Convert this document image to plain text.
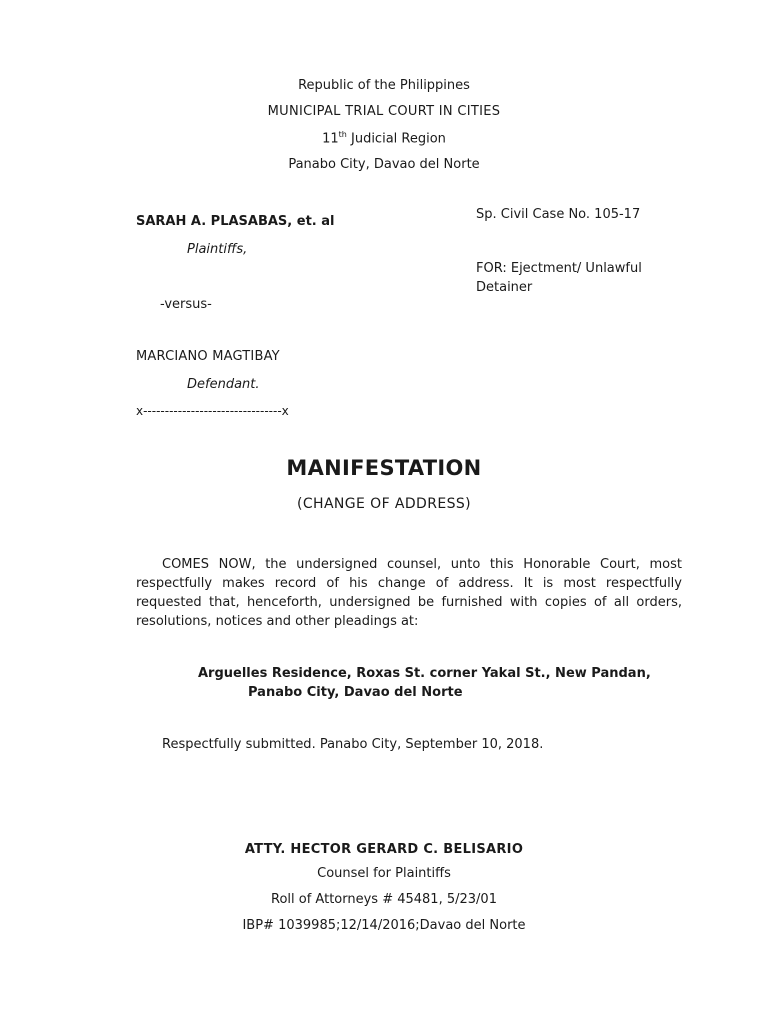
Republic of the Philippines
MUNICIPAL TRIAL COURT IN CITIES
11th Judicial Region
Panabo City, Davao del Norte
SARAH A. PLASABAS, et. al
Plaintiffs,
-versus-
MARCIANO MAGTIBAY
Defendant.
x--------------------------------x
Sp. Civil Case No. 105-17
FOR: Ejectment/ Unlawful
Detainer
MANIFESTATION
(CHANGE OF ADDRESS)
COMES NOW, the undersigned counsel, unto this Honorable Court, most respectfully makes record of his change of address. It is most respectfully requested that, henceforth, undersigned be furnished with copies of all orders, resolutions, notices and other pleadings at:
Arguelles Residence, Roxas St. corner Yakal St., New Pandan, Panabo City, Davao del Norte
Respectfully submitted. Panabo City, September 10, 2018.
ATTY. HECTOR GERARD C. BELISARIO
Counsel for Plaintiffs
Roll of Attorneys # 45481, 5/23/01
IBP# 1039985;12/14/2016;Davao del Norte
